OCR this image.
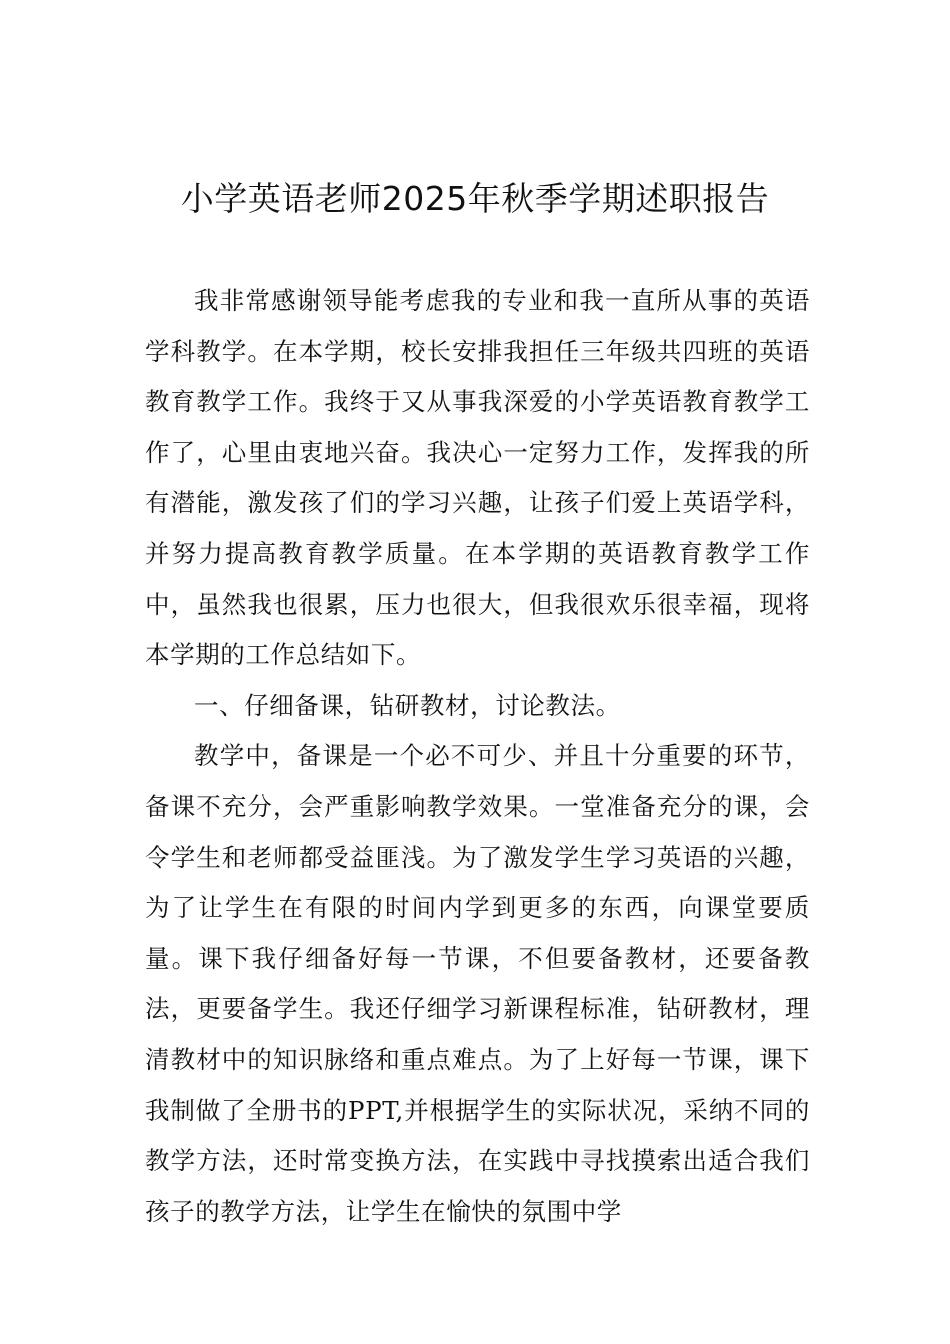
小学英语老师2025年秋季学期述职报告

我非常感谢领导能考虑我的专业和我一直所从事的英语学科教学。在本学期，校长安排我担任三年级共四班的英语教育教学工作。我终于又从事我深爱的小学英语教育教学工作了，心里由衷地兴奋。我决心一定努力工作，发挥我的所有潜能，激发孩了们的学习兴趣，让孩子们爱上英语学科，并努力提高教育教学质量。在本学期的英语教育教学工作中，虽然我也很累，压力也很大，但我很欢乐很幸福，现将本学期的工作总结如下。

一、仔细备课，钻研教材，讨论教法。

教学中，备课是一个必不可少、并且十分重要的环节，备课不充分，会严重影响教学效果。一堂准备充分的课，会令学生和老师都受益匪浅。为了激发学生学习英语的兴趣，为了让学生在有限的时间内学到更多的东西，向课堂要质量。课下我仔细备好每一节课，不但要备教材，还要备教法，更要备学生。我还仔细学习新课程标准，钻研教材，理清教材中的知识脉络和重点难点。为了上好每一节课，课下我制做了全册书的PPT,并根据学生的实际状况，采纳不同的教学方法，还时常变换方法，在实践中寻找摸索出适合我们孩子的教学方法，让学生在愉快的氛围中学
